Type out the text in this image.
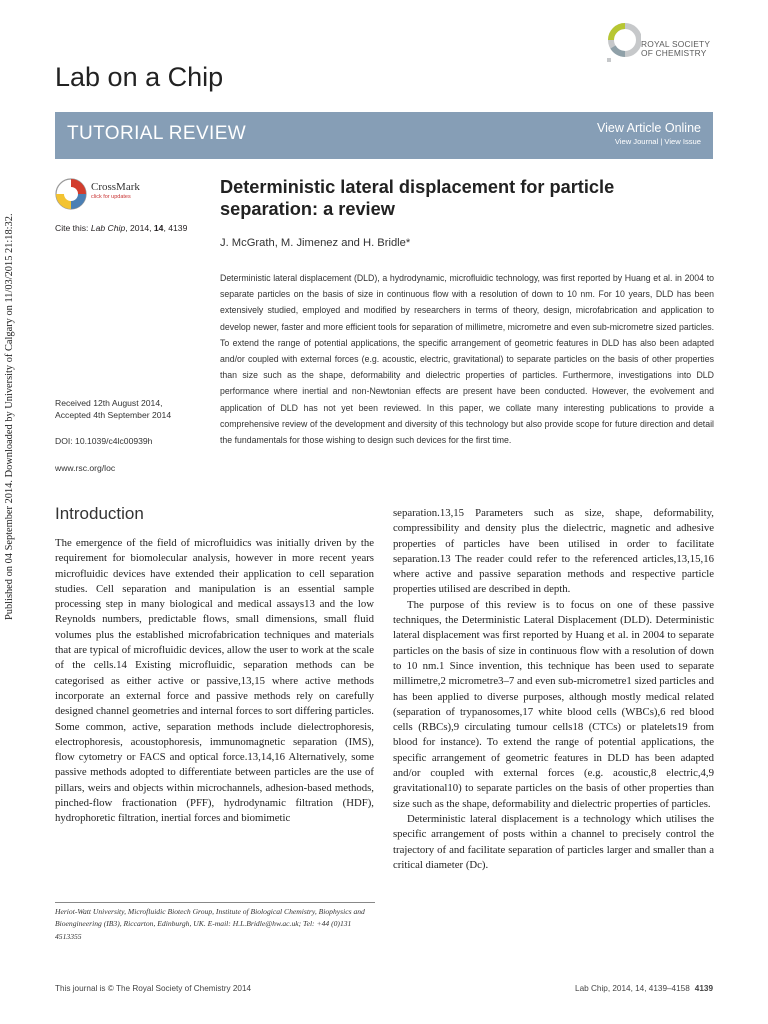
Published on 04 September 2014. Downloaded by University of Calgary on 11/03/2015 21:18:32.
ROYAL SOCIETY
OF CHEMISTRY
Lab on a Chip
TUTORIAL REVIEW	View Article Online
View Journal | View Issue
CrossMark
click for updates
Cite this: Lab Chip, 2014, 14, 4139
Deterministic lateral displacement for particle separation: a review
J. McGrath, M. Jimenez and H. Bridle*

Deterministic lateral displacement (DLD), a hydrodynamic, microfluidic technology, was first reported by Huang et al. in 2004 to separate particles on the basis of size in continuous flow with a resolution of down to 10 nm. For 10 years, DLD has been extensively studied, employed and modified by researchers in terms of theory, design, microfabrication and application to develop newer, faster and more efficient tools for separation of millimetre, micrometre and even sub-micrometre sized particles. To extend the range of potential applications, the specific arrangement of geometric features in DLD has also been adapted and/or coupled with external forces (e.g. acoustic, electric, gravitational) to separate particles on the basis of other properties than size such as the shape, deformability and dielectric properties of particles. Furthermore, investigations into DLD performance where inertial and non-Newtonian effects are present have been conducted. However, the evolvement and application of DLD has not yet been reviewed. In this paper, we collate many interesting publications to provide a comprehensive review of the development and diversity of this technology but also provide scope for future direction and detail the fundamentals for those wishing to design such devices for the first time.

Received 12th August 2014,
Accepted 4th September 2014
DOI: 10.1039/c4lc00939h
www.rsc.org/loc
Introduction

The emergence of the field of microfluidics was initially driven by the requirement for biomolecular analysis, however in more recent years microfluidic devices have extended their application to cell separation studies. Cell separation and manipulation is an essential sample processing step in many biological and medical assays13 and the low Reynolds numbers, predictable flows, small dimensions, small fluid volumes plus the established microfabrication techniques and materials that are typical of microfluidic devices, allow the user to work at the scale of the cells.14 Existing microfluidic, separation methods can be categorised as either active or passive,13,15 where active methods incorporate an external force and passive methods rely on carefully designed channel geometries and internal forces to sort differing particles. Some common, active, separation methods include dielectrophoresis, electrophoresis, acoustophoresis, immunomagnetic separation (IMS), flow cytometry or FACS and optical force.13,14,16 Alternatively, some passive methods adopted to differentiate between particles are the use of pillars, weirs and objects within microchannels, adhesion-based methods, pinched-flow fractionation (PFF), hydrodynamic filtration (HDF), hydrophoretic filtration, inertial forces and biomimetic

separation.13,15 Parameters such as size, shape, deformability, compressibility and density plus the dielectric, magnetic and adhesive properties of particles have been utilised in order to facilitate separation.13 The reader could refer to the referenced articles,13,15,16 where active and passive separation methods and respective particle properties utilised are described in depth.

The purpose of this review is to focus on one of these passive techniques, the Deterministic Lateral Displacement (DLD). Deterministic lateral displacement was first reported by Huang et al. in 2004 to separate particles on the basis of size in continuous flow with a resolution of down to 10 nm.1 Since invention, this technique has been used to separate millimetre,2 micrometre3–7 and even sub-micrometre1 sized particles and has been applied to diverse purposes, although mostly medical related (separation of trypanosomes,17 white blood cells (WBCs),6 red blood cells (RBCs),9 circulating tumour cells18 (CTCs) or platelets19 from blood for instance). To extend the range of potential applications, the specific arrangement of geometric features in DLD has been adapted and/or coupled with external forces (e.g. acoustic,8 electric,4,9 gravitational10) to separate particles on the basis of other properties than size such as the shape, deformability and dielectric properties of particles.

Deterministic lateral displacement is a technology which utilises the specific arrangement of posts within a channel to precisely control the trajectory of and facilitate separation of particles larger and smaller than a critical diameter (Dc).

Heriot-Watt University, Microfluidic Biotech Group, Institute of Biological Chemistry, Biophysics and Bioengineering (IB3), Riccarton, Edinburgh, UK. E-mail: H.L.Bridle@hw.ac.uk; Tel: +44 (0)131 4513355

This journal is © The Royal Society of Chemistry 2014	Lab Chip, 2014, 14, 4139–4158 4139
